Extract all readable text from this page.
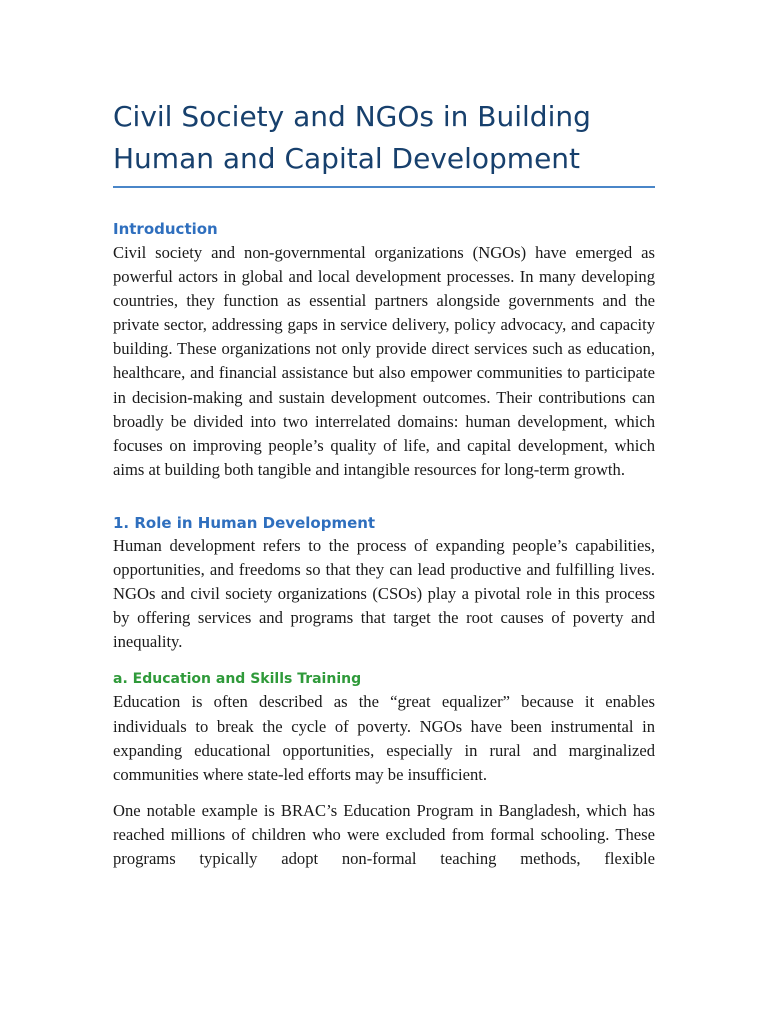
Civil Society and NGOs in Building
Human and Capital Development
Introduction

Civil society and non-governmental organizations (NGOs) have emerged as powerful actors in global and local development processes. In many developing countries, they function as essential partners alongside governments and the private sector, addressing gaps in service delivery, policy advocacy, and capacity building. These organizations not only provide direct services such as education, healthcare, and financial assistance but also empower communities to participate in decision-making and sustain development outcomes. Their contributions can broadly be divided into two interrelated domains: human development, which focuses on improving people’s quality of life, and capital development, which aims at building both tangible and intangible resources for long-term growth.

1. Role in Human Development

Human development refers to the process of expanding people’s capabilities, opportunities, and freedoms so that they can lead productive and fulfilling lives. NGOs and civil society organizations (CSOs) play a pivotal role in this process by offering services and programs that target the root causes of poverty and inequality.

a. Education and Skills Training

Education is often described as the “great equalizer” because it enables individuals to break the cycle of poverty. NGOs have been instrumental in expanding educational opportunities, especially in rural and marginalized communities where state-led efforts may be insufficient.

One notable example is BRAC’s Education Program in Bangladesh, which has reached millions of children who were excluded from formal schooling. These programs typically adopt non-formal teaching methods, flexible
